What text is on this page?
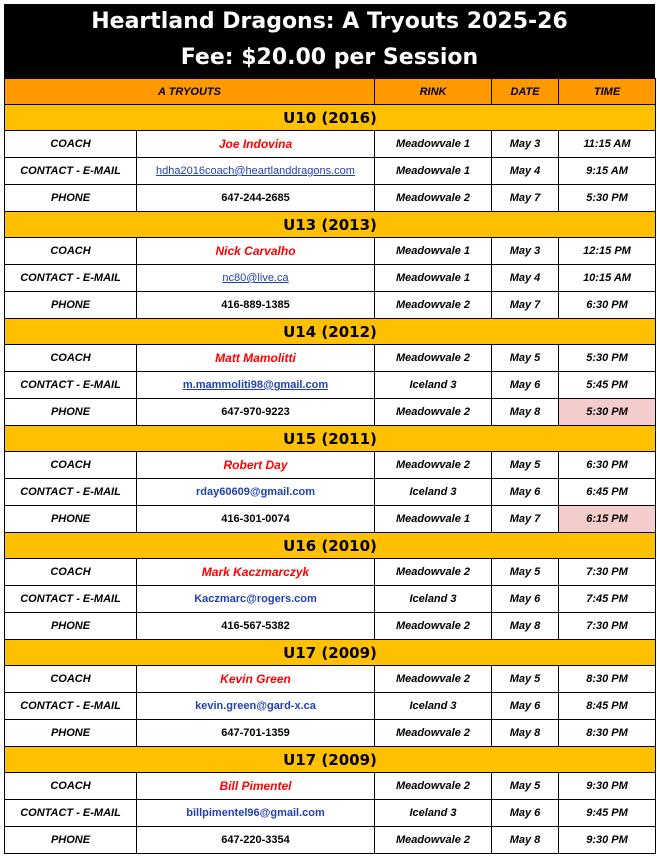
Heartland Dragons: A Tryouts 2025-26
Fee: $20.00 per Session
A TRYOUTS		RINK	DATE	TIME
U10 (2016)				
COACH	Joe Indovina	Meadowvale 1	May 3	11:15 AM
CONTACT - E-MAIL	hdha2016coach@heartlanddragons.com	Meadowvale 1	May 4	9:15 AM
PHONE	647-244-2685	Meadowvale 2	May 7	5:30 PM
U13 (2013)				
COACH	Nick Carvalho	Meadowvale 1	May 3	12:15 PM
CONTACT - E-MAIL	nc80@live.ca	Meadowvale 1	May 4	10:15 AM
PHONE	416-889-1385	Meadowvale 2	May 7	6:30 PM
U14 (2012)				
COACH	Matt Mamolitti	Meadowvale 2	May 5	5:30 PM
CONTACT - E-MAIL	m.mammoliti98@gmail.com	Iceland 3	May 6	5:45 PM
PHONE	647-970-9223	Meadowvale 2	May 8	5:30 PM
U15 (2011)				
COACH	Robert Day	Meadowvale 2	May 5	6:30 PM
CONTACT - E-MAIL	rday60609@gmail.com	Iceland 3	May 6	6:45 PM
PHONE	416-301-0074	Meadowvale 1	May 7	6:15 PM
U16 (2010)				
COACH	Mark Kaczmarczyk	Meadowvale 2	May 5	7:30 PM
CONTACT - E-MAIL	Kaczmarc@rogers.com	Iceland 3	May 6	7:45 PM
PHONE	416-567-5382	Meadowvale 2	May 8	7:30 PM
U17 (2009)				
COACH	Kevin Green	Meadowvale 2	May 5	8:30 PM
CONTACT - E-MAIL	kevin.green@gard-x.ca	Iceland 3	May 6	8:45 PM
PHONE	647-701-1359	Meadowvale 2	May 8	8:30 PM
U17 (2009)				
COACH	Bill Pimentel	Meadowvale 2	May 5	9:30 PM
CONTACT - E-MAIL	billpimentel96@gmail.com	Iceland 3	May 6	9:45 PM
PHONE	647-220-3354	Meadowvale 2	May 8	9:30 PM
